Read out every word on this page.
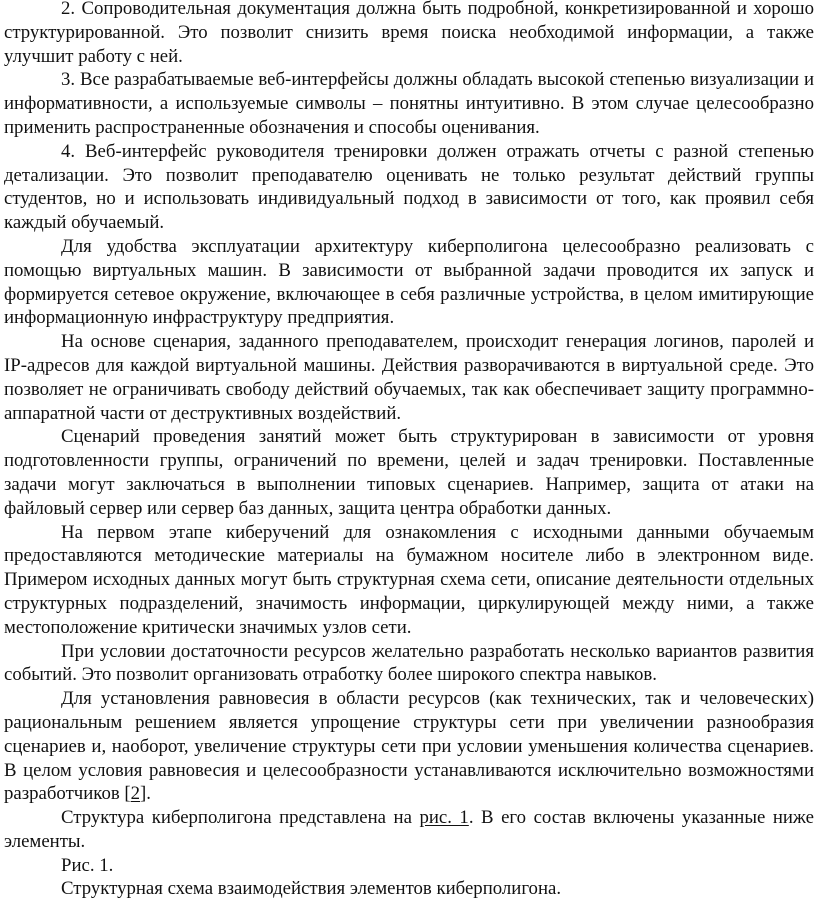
2. Сопроводительная документация должна быть подробной, конкретизированной и хорошо структурированной. Это позволит снизить время поиска необходимой информации, а также улучшит работу с ней.

3. Все разрабатываемые веб-интерфейсы должны обладать высокой степенью визуализации и информативности, а используемые символы – понятны интуитивно. В этом случае целесообразно применить распространенные обозначения и способы оценивания.

4. Веб-интерфейс руководителя тренировки должен отражать отчеты с разной степенью детализации. Это позволит преподавателю оценивать не только результат действий группы студентов, но и использовать индивидуальный подход в зависимости от того, как проявил себя каждый обучаемый.

Для удобства эксплуатации архитектуру киберполигона целесообразно реализовать с помощью виртуальных машин. В зависимости от выбранной задачи проводится их запуск и формируется сетевое окружение, включающее в себя различные устройства, в целом имитирующие информационную инфраструктуру предприятия.

На основе сценария, заданного преподавателем, происходит генерация логинов, паролей и IP-адресов для каждой виртуальной машины. Действия разворачиваются в виртуальной среде. Это позволяет не ограничивать свободу действий обучаемых, так как обеспечивает защиту программно-аппаратной части от деструктивных воздействий.

Сценарий проведения занятий может быть структурирован в зависимости от уровня подготовленности группы, ограничений по времени, целей и задач тренировки. Поставленные задачи могут заключаться в выполнении типовых сценариев. Например, защита от атаки на файловый сервер или сервер баз данных, защита центра обработки данных.

На первом этапе киберучений для ознакомления с исходными данными обучаемым предоставляются методические материалы на бумажном носителе либо в электронном виде. Примером исходных данных могут быть структурная схема сети, описание деятельности отдельных структурных подразделений, значимость информации, циркулирующей между ними, а также местоположение критически значимых узлов сети.

При условии достаточности ресурсов желательно разработать несколько вариантов развития событий. Это позволит организовать отработку более широкого спектра навыков.

Для установления равновесия в области ресурсов (как технических, так и человеческих) рациональным решением является упрощение структуры сети при увеличении разнообразия сценариев и, наоборот, увеличение структуры сети при условии уменьшения количества сценариев. В целом условия равновесия и целесообразности устанавливаются исключительно возможностями разработчиков [2].

Структура киберполигона представлена на рис. 1. В его состав включены указанные ниже элементы.

Рис. 1.

Структурная схема взаимодействия элементов киберполигона.
